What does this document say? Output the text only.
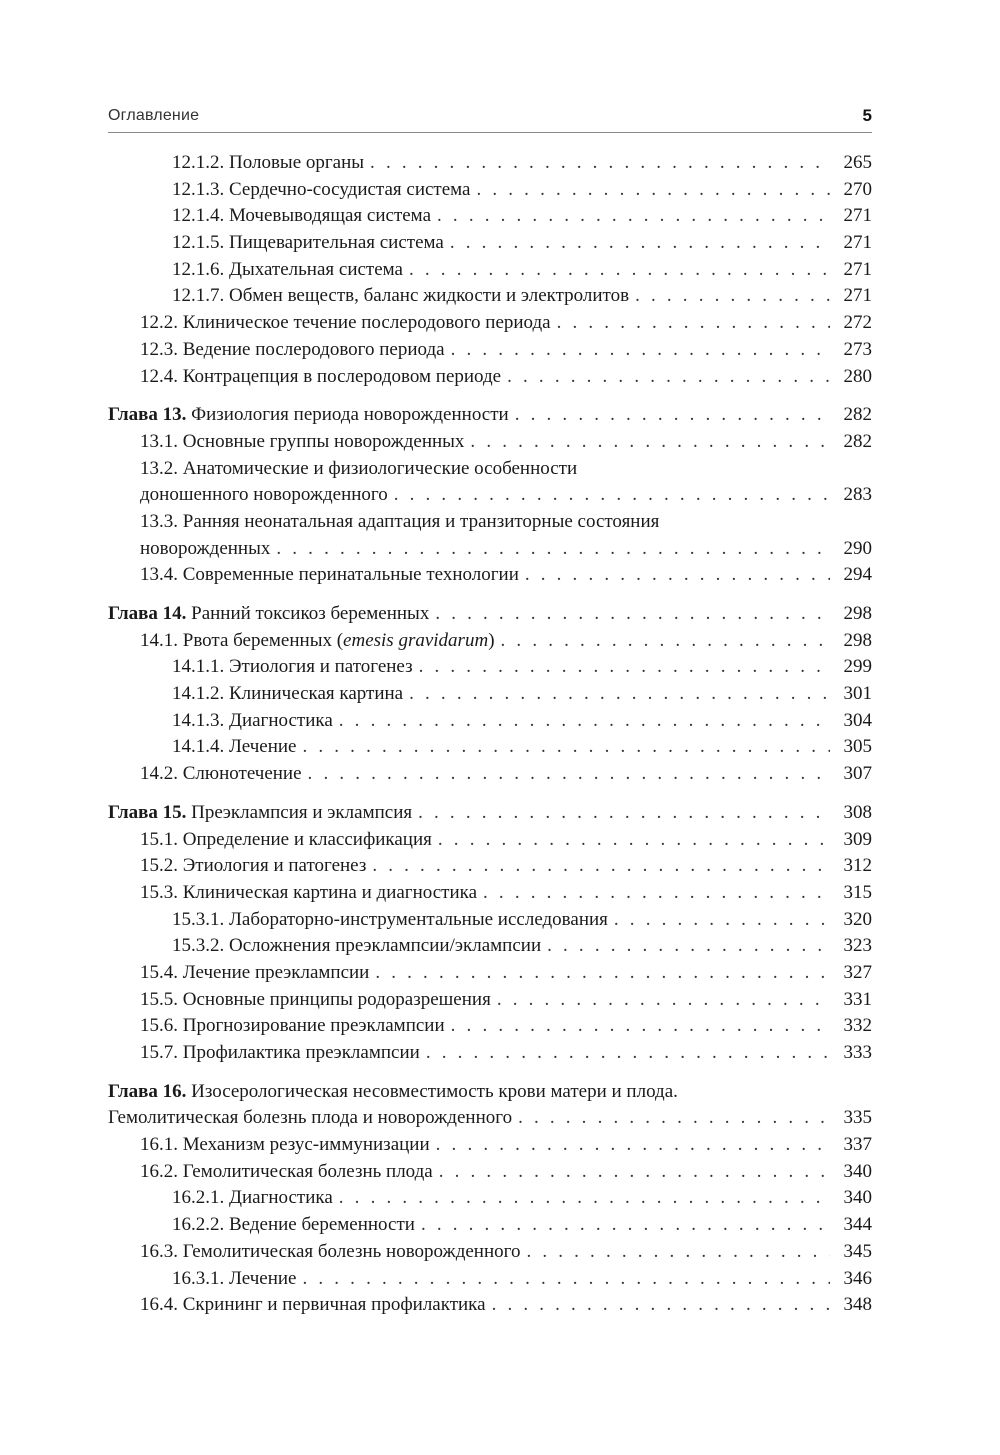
Оглавление	5
12.1.2. Половые органы . . .	265
12.1.3. Сердечно-сосудистая система . . .	270
12.1.4. Мочевыводящая система . . .	271
12.1.5. Пищеварительная система . . .	271
12.1.6. Дыхательная система . . .	271
12.1.7. Обмен веществ, баланс жидкости и электролитов . . .	271
12.2. Клиническое течение послеродового периода . . .	272
12.3. Ведение послеродового периода . . .	273
12.4. Контрацепция в послеродовом периоде . . .	280
Глава 13. Физиология периода новорожденности . . .	282
13.1. Основные группы новорожденных . . .	282
13.2. Анатомические и физиологические особенности
доношенного новорожденного . . .	283
13.3. Ранняя неонатальная адаптация и транзиторные состояния
новорожденных . . .	290
13.4. Современные перинатальные технологии . . .	294
Глава 14. Ранний токсикоз беременных . . .	298
14.1. Рвота беременных (emesis gravidarum) . . .	298
14.1.1. Этиология и патогенез . . .	299
14.1.2. Клиническая картина . . .	301
14.1.3. Диагностика . . .	304
14.1.4. Лечение . . .	305
14.2. Слюнотечение . . .	307
Глава 15. Преэклампсия и эклампсия . . .	308
15.1. Определение и классификация . . .	309
15.2. Этиология и патогенез . . .	312
15.3. Клиническая картина и диагностика . . .	315
15.3.1. Лабораторно-инструментальные исследования . . .	320
15.3.2. Осложнения преэклампсии/эклампсии . . .	323
15.4. Лечение преэклампсии . . .	327
15.5. Основные принципы родоразрешения . . .	331
15.6. Прогнозирование преэклампсии . . .	332
15.7. Профилактика преэклампсии . . .	333
Глава 16. Изосерологическая несовместимость крови матери и плода.
Гемолитическая болезнь плода и новорожденного . . .	335
16.1. Механизм резус-иммунизации . . .	337
16.2. Гемолитическая болезнь плода . . .	340
16.2.1. Диагностика . . .	340
16.2.2. Ведение беременности . . .	344
16.3. Гемолитическая болезнь новорожденного . . .	345
16.3.1. Лечение . . .	346
16.4. Скрининг и первичная профилактика . . .	348
